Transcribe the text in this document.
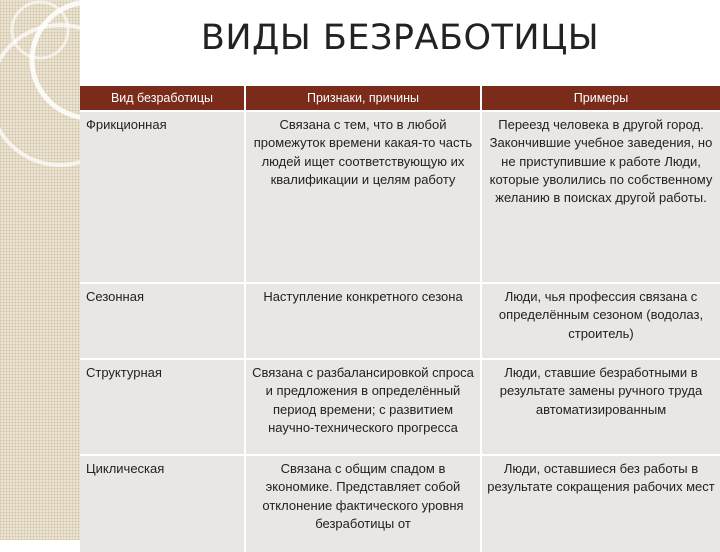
ВИДЫ БЕЗРАБОТИЦЫ
Вид безработицы	Признаки, причины	Примеры
Фрикционная	Связана с тем, что в любой промежуток времени какая-то часть людей ищет соответствующую их квалификации и целям работу	Переезд человека в другой город. Закончившие учебное заведения, но не приступившие к работе Люди, которые уволились по собственному желанию в поисках другой работы.
Сезонная	Наступление конкретного сезона	Люди, чья профессия связана с определённым сезоном (водолаз, строитель)
Структурная	Связана с разбалансировкой спроса и предложения в определённый период времени; с развитием научно-технического прогресса	Люди, ставшие безработными в результате замены ручного труда автоматизированным
Циклическая	Связана с общим спадом в экономике. Представляет собой отклонение фактического уровня безработицы от	Люди, оставшиеся без работы в результате сокращения рабочих мест
